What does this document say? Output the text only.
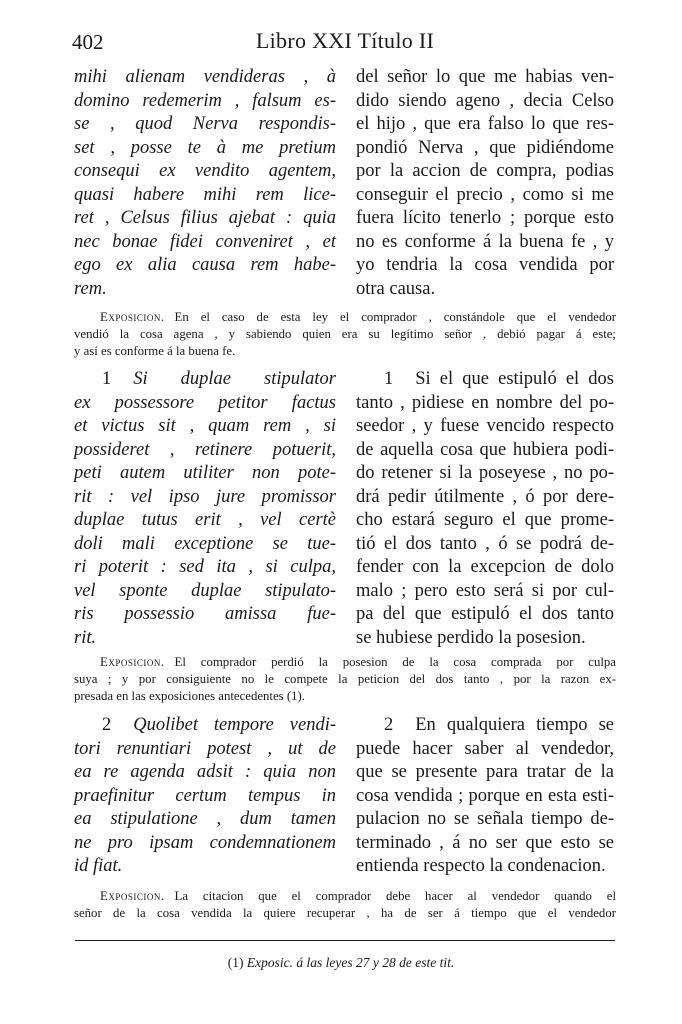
402	Libro XXI Título II
mihi alienam vendideras , à
domino redemerim , falsum es-
se , quod Nerva respondis-
set , posse te à me pretium
consequi ex vendito agentem,
quasi habere mihi rem lice-
ret , Celsus filius ajebat : quia
nec bonae fidei conveniret , et
ego ex alia causa rem habe-
rem.
del señor lo que me habias ven-
dido siendo ageno , decia Celso
el hijo , que era falso lo que res-
pondió Nerva , que pidiéndome
por la accion de compra, podias
conseguir el precio , como si me
fuera lícito tenerlo ; porque esto
no es conforme á la buena fe , y
yo tendria la cosa vendida por
otra causa.
Exposicion. En el caso de esta ley el comprador , constándole que el vendedor
vendió la cosa agena , y sabiendo quien era su legítimo señor , debió pagar á este;
y así es conforme á la buena fe.
1 Si duplae stipulator
ex possessore petitor factus
et victus sit , quam rem , si
possideret , retinere potuerit,
peti autem utiliter non pote-
rit : vel ipso jure promissor
duplae tutus erit , vel certè
doli mali exceptione se tue-
ri poterit : sed ita , si culpa,
vel sponte duplae stipulato-
ris possessio amissa fue-
rit.
1 Si el que estipuló el dos
tanto , pidiese en nombre del po-
seedor , y fuese vencido respecto
de aquella cosa que hubiera podi-
do retener si la poseyese , no po-
drá pedir útilmente , ó por dere-
cho estará seguro el que prome-
tió el dos tanto , ó se podrá de-
fender con la excepcion de dolo
malo ; pero esto será si por cul-
pa del que estipuló el dos tanto
se hubiese perdido la posesion.
Exposicion. El comprador perdió la posesion de la cosa comprada por culpa
suya ; y por consiguiente no le compete la peticion del dos tanto , por la razon ex-
presada en las exposiciones antecedentes (1).
2 Quolibet tempore vendi-
tori renuntiari potest , ut de
ea re agenda adsit : quia non
praefinitur certum tempus in
ea stipulatione , dum tamen
ne pro ipsam condemnationem
id fiat.
2 En qualquiera tiempo se
puede hacer saber al vendedor,
que se presente para tratar de la
cosa vendida ; porque en esta esti-
pulacion no se señala tiempo de-
terminado , á no ser que esto se
entienda respecto la condenacion.
Exposicion. La citacion que el comprador debe hacer al vendedor quando el
señor de la cosa vendida la quiere recuperar , ha de ser á tiempo que el vendedor
(1) Exposic. á las leyes 27 y 28 de este tit.
